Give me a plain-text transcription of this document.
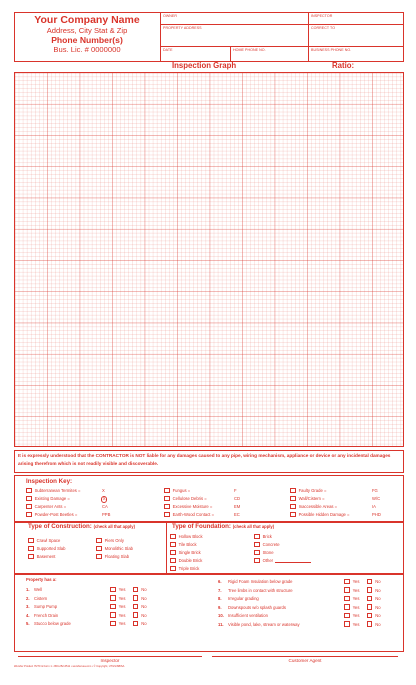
Your Company Name
Address, City Stat & Zip
Phone Number(s)
Bus. Lic. # 0000000
OWNER
PROPERTY ADDRESS
DATE	HOME PHONE NO.
INSPECTOR
CORRECT TO
BUSINESS PHONE NO.
Inspection Graph	Ratio:
It is expressly understood that the CONTRACTOR is NOT liable for any damages caused to any pipe, wiring mechanism, appliance or device or any incidental damages arising therefrom which is not readily visible and discoverable.
Inspection Key:
Subterranean Termites =	X
Existing Damage =	X
Carpenter Ants =	CA
Powder-Post Beetles =	PPB
Fungus =	F
Cellulose Debris =	CD
Excessive Moisture =	EM
Earth-Wood Contact =	EC
Faulty Grade =	FG
Wall/Cistern =	W/C
Inaccessible Areas =	IA
Possible Hidden Damage =	PHD
Type of Construction: (check all that apply)
Crawl Space
Supported Slab
Basement
Piers Only
Monolithic Slab
Floating Slab
Type of Foundation: (check all that apply)
Hollow Block
Tile Block
Single Brick
Double Brick
Triple Brick
Brick
Concrete
Stone
Other
Property has a:
1.	Well	Yes	No
2.	Cistern	Yes	No
3.	Sump Pump	Yes	No
4.	French Drain	Yes	No
5.	Stucco below grade	Yes	No
6.	Rigid Foam Insulation below grade	Yes	No
7.	Tree limbs in contact with structure	Yes	No
8.	Irregular grading	Yes	No
9.	Downspouts w/o splash guards	Yes	No
10. Insufficient ventilation	Yes	No
11.	Visible pond, lake, stream or waterway	Yes	No
Inspector	Customer Agent
Wenzler Product IT270 & Form 1 • 800-252-6511 • wenzlerusa.com • © Copyright, UTGS/SBISA
